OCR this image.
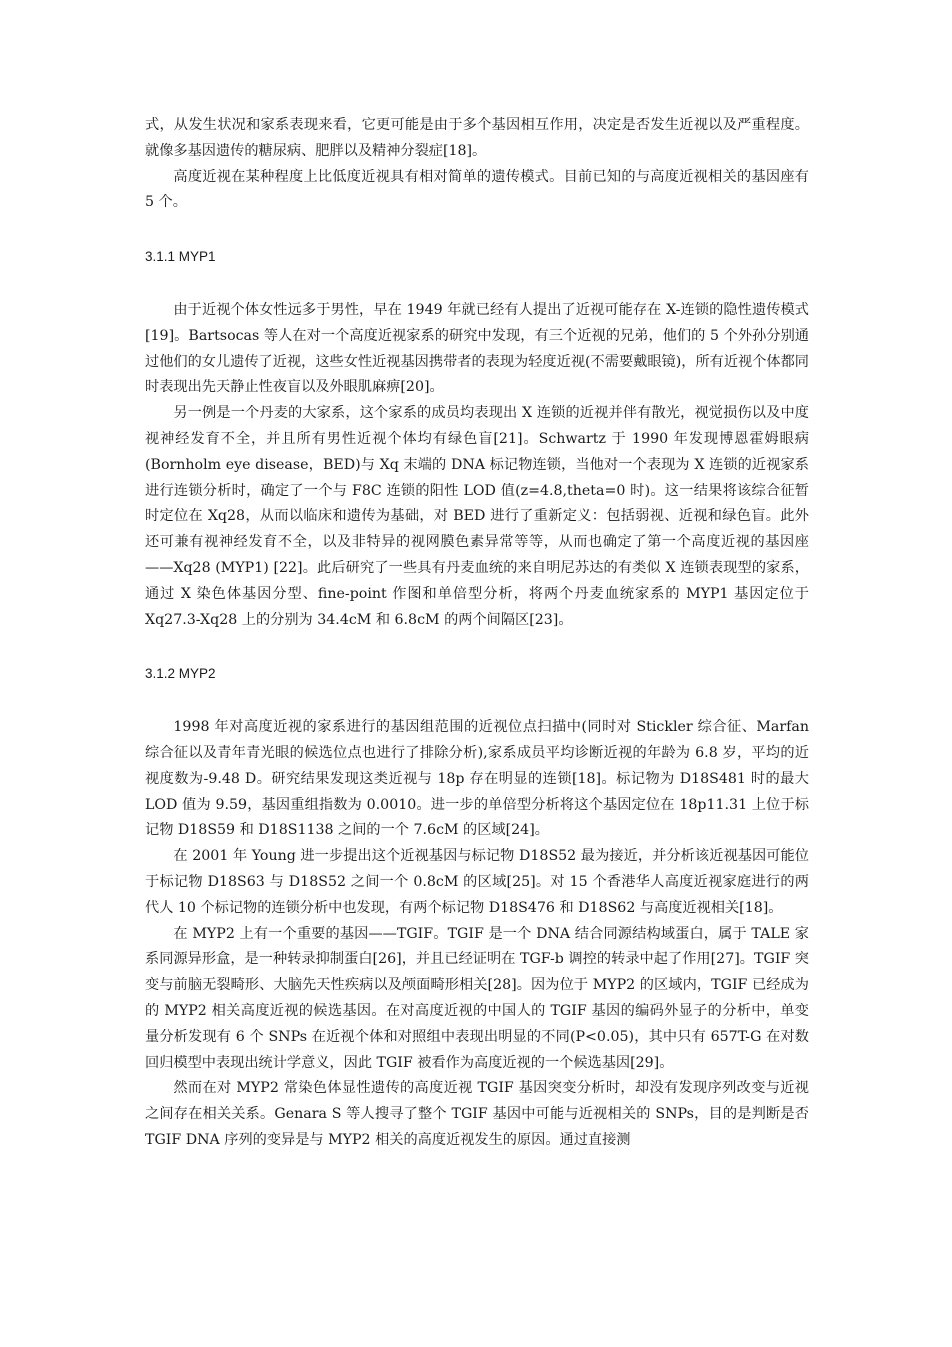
式，从发生状况和家系表现来看，它更可能是由于多个基因相互作用，决定是否发生近视以及严重程度。就像多基因遗传的糖尿病、肥胖以及精神分裂症[18]。

高度近视在某种程度上比低度近视具有相对简单的遗传模式。目前已知的与高度近视相关的基因座有 5 个。

3.1.1 MYP1

由于近视个体女性远多于男性，早在 1949 年就已经有人提出了近视可能存在 X-连锁的隐性遗传模式[19]。Bartsocas 等人在对一个高度近视家系的研究中发现，有三个近视的兄弟，他们的 5 个外孙分别通过他们的女儿遗传了近视，这些女性近视基因携带者的表现为轻度近视(不需要戴眼镜)，所有近视个体都同时表现出先天静止性夜盲以及外眼肌麻痹[20]。

另一例是一个丹麦的大家系，这个家系的成员均表现出 X 连锁的近视并伴有散光，视觉损伤以及中度视神经发育不全，并且所有男性近视个体均有绿色盲[21]。Schwartz 于 1990 年发现博恩霍姆眼病 (Bornholm eye disease，BED)与 Xq 末端的 DNA 标记物连锁，当他对一个表现为 X 连锁的近视家系进行连锁分析时，确定了一个与 F8C 连锁的阳性 LOD 值(z=4.8,theta=0 时)。这一结果将该综合征暂时定位在 Xq28，从而以临床和遗传为基础，对 BED 进行了重新定义：包括弱视、近视和绿色盲。此外还可兼有视神经发育不全，以及非特异的视网膜色素异常等等，从而也确定了第一个高度近视的基因座——Xq28 (MYP1) [22]。此后研究了一些具有丹麦血统的来自明尼苏达的有类似 X 连锁表现型的家系，通过 X 染色体基因分型、fine-point 作图和单倍型分析，将两个丹麦血统家系的 MYP1 基因定位于 Xq27.3-Xq28 上的分别为 34.4cM 和 6.8cM 的两个间隔区[23]。

3.1.2 MYP2

1998 年对高度近视的家系进行的基因组范围的近视位点扫描中(同时对 Stickler 综合征、Marfan 综合征以及青年青光眼的候选位点也进行了排除分析),家系成员平均诊断近视的年龄为 6.8 岁，平均的近视度数为-9.48 D。研究结果发现这类近视与 18p 存在明显的连锁[18]。标记物为 D18S481 时的最大 LOD 值为 9.59，基因重组指数为 0.0010。进一步的单倍型分析将这个基因定位在 18p11.31 上位于标记物 D18S59 和 D18S1138 之间的一个 7.6cM 的区域[24]。

在 2001 年 Young 进一步提出这个近视基因与标记物 D18S52 最为接近，并分析该近视基因可能位于标记物 D18S63 与 D18S52 之间一个 0.8cM 的区域[25]。对 15 个香港华人高度近视家庭进行的两代人 10 个标记物的连锁分析中也发现，有两个标记物 D18S476 和 D18S62 与高度近视相关[18]。

在 MYP2 上有一个重要的基因——TGIF。TGIF 是一个 DNA 结合同源结构域蛋白，属于 TALE 家系同源异形盒，是一种转录抑制蛋白[26]，并且已经证明在 TGF-b 调控的转录中起了作用[27]。TGIF 突变与前脑无裂畸形、大脑先天性疾病以及颅面畸形相关[28]。因为位于 MYP2 的区域内，TGIF 已经成为的 MYP2 相关高度近视的候选基因。在对高度近视的中国人的 TGIF 基因的编码外显子的分析中，单变量分析发现有 6 个 SNPs 在近视个体和对照组中表现出明显的不同(P<0.05)，其中只有 657T-G 在对数回归模型中表现出统计学意义，因此 TGIF 被看作为高度近视的一个候选基因[29]。

然而在对 MYP2 常染色体显性遗传的高度近视 TGIF 基因突变分析时，却没有发现序列改变与近视之间存在相关关系。Genara S 等人搜寻了整个 TGIF 基因中可能与近视相关的 SNPs，目的是判断是否 TGIF DNA 序列的变异是与 MYP2 相关的高度近视发生的原因。通过直接测
